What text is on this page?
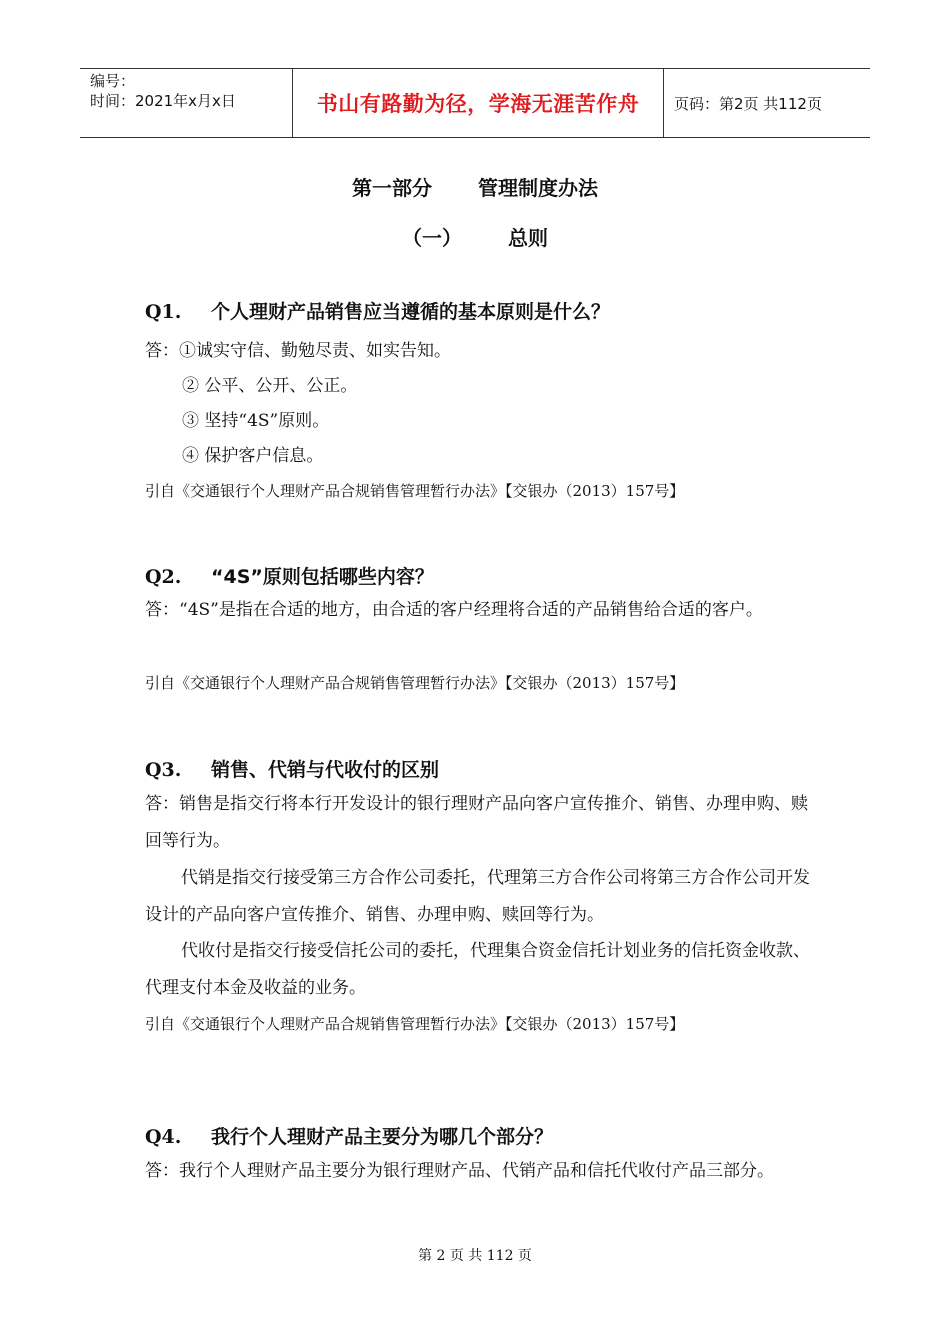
编号：
时间：2021年x月x日	书山有路勤为径，学海无涯苦作舟	页码：第2页 共112页
第一部分 管理制度办法
（一） 总则
Q1. 个人理财产品销售应当遵循的基本原则是什么？
答：①诚实守信、勤勉尽责、如实告知。
② 公平、公开、公正。
③ 坚持“4S”原则。
④ 保护客户信息。
引自《交通银行个人理财产品合规销售管理暂行办法》【交银办（2013）157号】
Q2. “4S”原则包括哪些内容？
答：“4S”是指在合适的地方，由合适的客户经理将合适的产品销售给合适的客户。
引自《交通银行个人理财产品合规销售管理暂行办法》【交银办（2013）157号】
Q3. 销售、代销与代收付的区别
答：销售是指交行将本行开发设计的银行理财产品向客户宣传推介、销售、办理申购、赎回等行为。
代销是指交行接受第三方合作公司委托，代理第三方合作公司将第三方合作公司开发设计的产品向客户宣传推介、销售、办理申购、赎回等行为。
代收付是指交行接受信托公司的委托，代理集合资金信托计划业务的信托资金收款、代理支付本金及收益的业务。
引自《交通银行个人理财产品合规销售管理暂行办法》【交银办（2013）157号】
Q4. 我行个人理财产品主要分为哪几个部分？
答：我行个人理财产品主要分为银行理财产品、代销产品和信托代收付产品三部分。
第 2 页 共 112 页
